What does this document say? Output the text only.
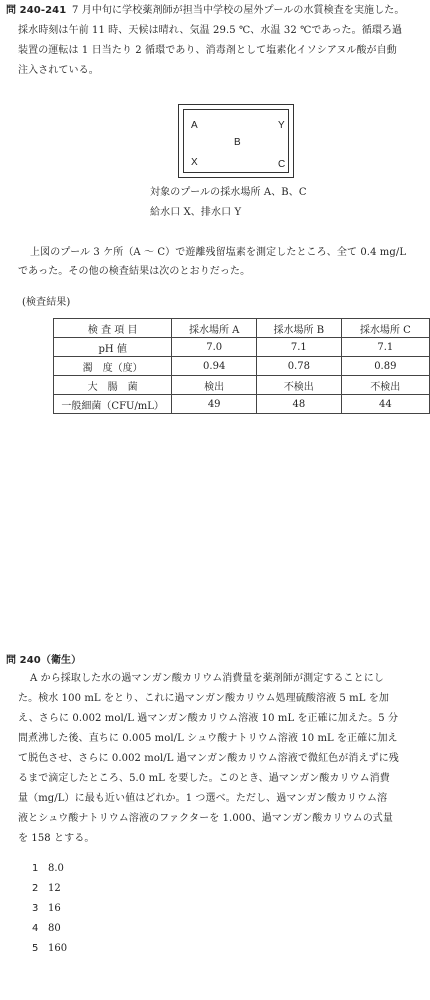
問 240-241 7 月中旬に学校薬剤師が担当中学校の屋外プールの水質検査を実施した。
採水時刻は午前 11 時、天候は晴れ、気温 29.5 ℃、水温 32 ℃であった。循環ろ過
装置の運転は 1 日当たり 2 循環であり、消毒剤として塩素化イソシアヌル酸が自動
注入されている。
A	Y
B
X	C
対象のプールの採水場所 A、B、C
給水口 X、排水口 Y
上図のプール 3 ケ所（A 〜 C）で遊離残留塩素を測定したところ、全て 0.4 mg/L
であった。その他の検査結果は次のとおりだった。
(検査結果)
検 査 項 目	採水場所 A	採水場所 B	採水場所 C
pH 値	7.0	7.1	7.1
濁　度（度）	0.94	0.78	0.89
大　腸　菌	検出	不検出	不検出
一般細菌（CFU/mL）	49	48	44
問 240（衛生）
A から採取した水の過マンガン酸カリウム消費量を薬剤師が測定することにし
た。検水 100 mL をとり、これに過マンガン酸カリウム処理硫酸溶液 5 mL を加
え、さらに 0.002 mol/L 過マンガン酸カリウム溶液 10 mL を正確に加えた。5 分
間煮沸した後、直ちに 0.005 mol/L シュウ酸ナトリウム溶液 10 mL を正確に加え
て脱色させ、さらに 0.002 mol/L 過マンガン酸カリウム溶液で微紅色が消えずに残
るまで滴定したところ、5.0 mL を要した。このとき、過マンガン酸カリウム消費
量（mg/L）に最も近い値はどれか。1 つ選べ。ただし、過マンガン酸カリウム溶
液とシュウ酸ナトリウム溶液のファクターを 1.000、過マンガン酸カリウムの式量
を 158 とする。
1 8.0
2 12
3 16
4 80
5 160
